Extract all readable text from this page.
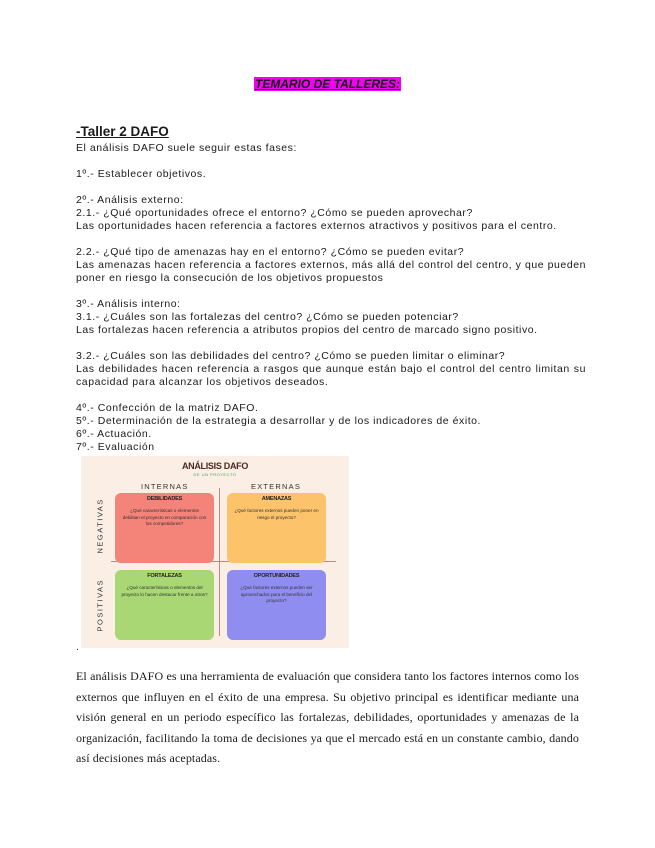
TEMARIO DE TALLERES:
-Taller 2 DAFO
El análisis DAFO suele seguir estas fases:
1º.- Establecer objetivos.
2º.- Análisis externo:
2.1.- ¿Qué oportunidades ofrece el entorno? ¿Cómo se pueden aprovechar?
Las oportunidades hacen referencia a factores externos atractivos y positivos para el centro.
2.2.- ¿Qué tipo de amenazas hay en el entorno? ¿Cómo se pueden evitar?
Las amenazas hacen referencia a factores externos, más allá del control del centro, y que pueden
poner en riesgo la consecución de los objetivos propuestos
3º.- Análisis interno:
3.1.- ¿Cuáles son las fortalezas del centro? ¿Cómo se pueden potenciar?
Las fortalezas hacen referencia a atributos propios del centro de marcado signo positivo.
3.2.- ¿Cuáles son las debilidades del centro? ¿Cómo se pueden limitar o eliminar?
Las debilidades hacen referencia a rasgos que aunque están bajo el control del centro limitan su
capacidad para alcanzar los objetivos deseados.
4º.- Confección de la matriz DAFO.
5º.- Determinación de la estrategia a desarrollar y de los indicadores de éxito.
6º.- Actuación.
7º.- Evaluación
ANÁLISIS DAFO
DE UN PROYECTO
INTERNAS	EXTERNAS
NEGATIVAS
POSITIVAS
DEBILIDADES
¿Qué características o elementos debilitan el proyecto en comparación con los competidores?
AMENAZAS
¿Qué factores externos pueden poner en riesgo el proyecto?
FORTALEZAS
¿Qué características o elementos del proyecto lo hacen destacar frente a otros?
OPORTUNIDADES
¿Qué factores externos pueden ser aprovechados para el beneficio del proyecto?
.
El análisis DAFO es una herramienta de evaluación que considera tanto los factores internos como los externos que influyen en el éxito de una empresa. Su objetivo principal es identificar mediante una visión general en un periodo específico las fortalezas, debilidades, oportunidades y amenazas de la organización, facilitando la toma de decisiones ya que el mercado está en un constante cambio, dando así decisiones más aceptadas.
